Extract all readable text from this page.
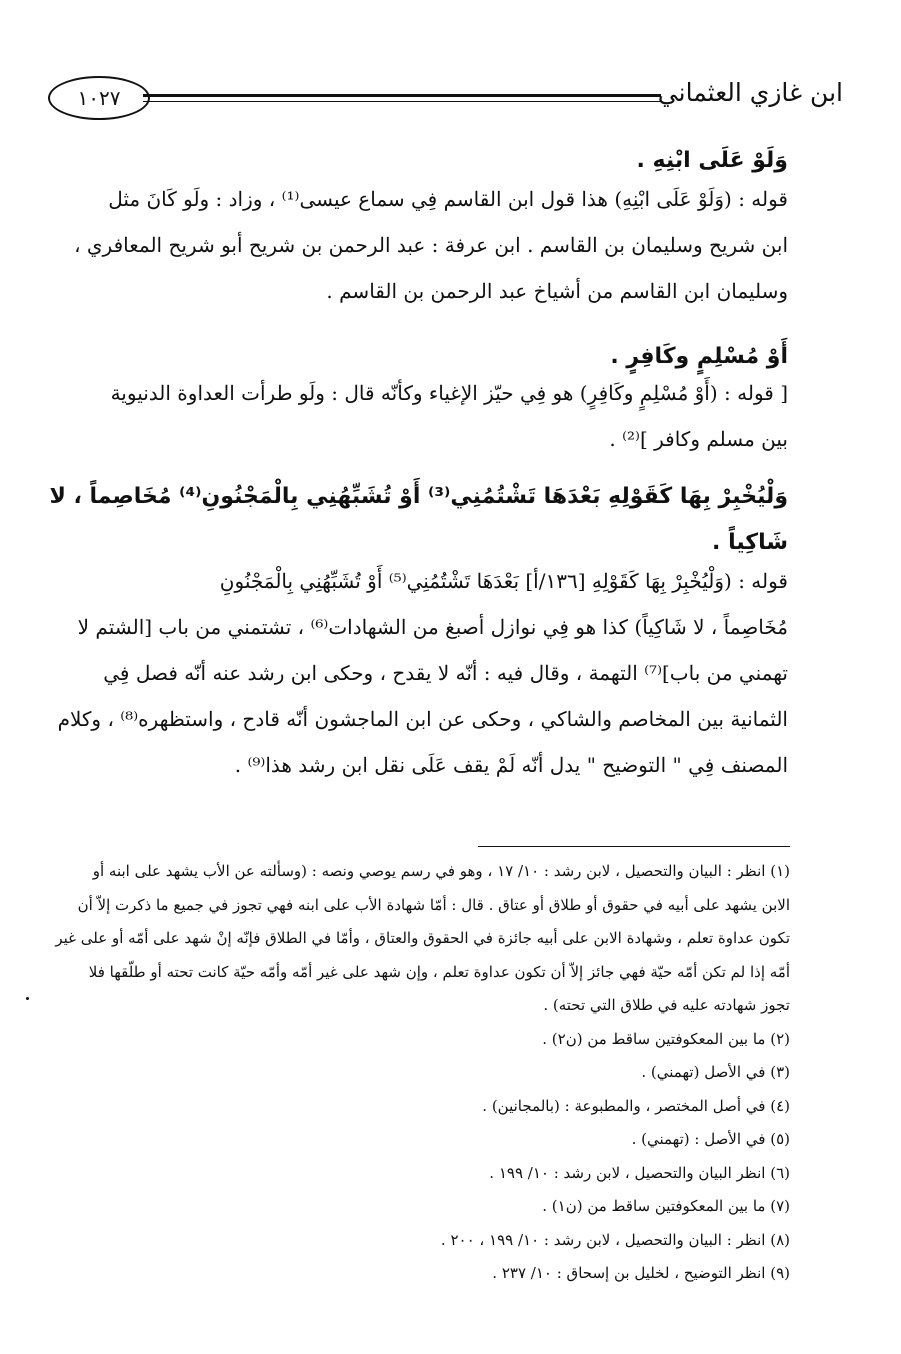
١٠٢٧	ابن غازي العثماني
وَلَوْ عَلَى ابْنِهِ .
قوله : (وَلَوْ عَلَى ابْنِهِ) هذا قول ابن القاسم فِي سماع عيسى⁽¹⁾ ، وزاد : ولَو كَانَ مثل
ابن شريح وسليمان بن القاسم . ابن عرفة : عبد الرحمن بن شريح أبو شريح المعافري ،
وسليمان ابن القاسم من أشياخ عبد الرحمن بن القاسم .
أَوْ مُسْلِمٍ وكَافِرٍ .
[ قوله : (أَوْ مُسْلِمٍ وكَافِرٍ) هو فِي حيّز الإغياء وكأنّه قال : ولَو طرأت العداوة الدنيوية
بين مسلم وكافر ]⁽²⁾ .
وَلْيُخْبِرْ بِهَا كَقَوْلِهِ بَعْدَهَا تَشْتُمُنِي⁽³⁾ أَوْ تُشَبِّهُنِي بِالْمَجْنُونِ⁽⁴⁾ مُخَاصِماً ، لا
شَاكِياً .
قوله : (وَلْيُخْبِرْ بِهَا كَقَوْلِهِ [١٣٦/أ] بَعْدَهَا تَشْتُمُنِي⁽⁵⁾ أَوْ تُشَبِّهُنِي بِالْمَجْنُونِ
مُخَاصِماً ، لا شَاكِياً) كذا هو فِي نوازل أصبغ من الشهادات⁽⁶⁾ ، تشتمني من باب [الشتم لا
تهمني من باب]⁽⁷⁾ التهمة ، وقال فيه : أنّه لا يقدح ، وحكى ابن رشد عنه أنّه فصل فِي
الثمانية بين المخاصم والشاكي ، وحكى عن ابن الماجشون أنّه قادح ، واستظهره⁽⁸⁾ ، وكلام
المصنف فِي " التوضيح " يدل أنّه لَمْ يقف عَلَى نقل ابن رشد هذا⁽⁹⁾ .
(١) انظر : البيان والتحصيل ، لابن رشد : ١٠/ ١٧ ، وهو في رسم يوصي ونصه : (وسألته عن الأب يشهد على ابنه أو
الابن يشهد على أبيه في حقوق أو طلاق أو عتاق . قال : أمّا شهادة الأب على ابنه فهي تجوز في جميع ما ذكرت إلاّ أن
تكون عداوة تعلم ، وشهادة الابن على أبيه جائزة في الحقوق والعتاق ، وأمّا في الطلاق فإنّه إنْ شهد على أمّه أو على غير
أمّه إذا لم تكن أمّه حيّة فهي جائز إلاّ أن تكون عداوة تعلم ، وإن شهد على غير أمّه وأمّه حيّة كانت تحته أو طلّقها فلا
تجوز شهادته عليه في طلاق التي تحته) .
(٢) ما بين المعكوفتين ساقط من (ن٢) .
(٣) في الأصل (تهمني) .
(٤) في أصل المختصر ، والمطبوعة : (بالمجانين) .
(٥) في الأصل : (تهمني) .
(٦) انظر البيان والتحصيل ، لابن رشد : ١٠/ ١٩٩ .
(٧) ما بين المعكوفتين ساقط من (ن١) .
(٨) انظر : البيان والتحصيل ، لابن رشد : ١٠/ ١٩٩ ، ٢٠٠ .
(٩) انظر التوضيح ، لخليل بن إسحاق : ١٠/ ٢٣٧ .
